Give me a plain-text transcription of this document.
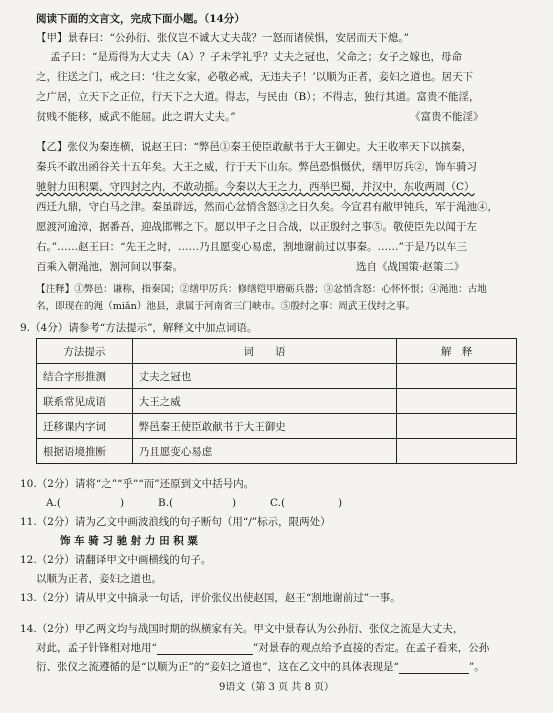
阅读下面的文言文，完成下面小题。（14分）
【甲】景春曰：“公孙衍、张仪岂不诚大丈夫哉？一怒而诸侯惧，安居而天下熄。”
孟子曰：“是焉得为大丈夫（A）？子未学礼乎？丈夫之冠也，父命之；女子之嫁也，母命
之，往送之门，戒之曰：‘往之女家，必敬必戒，无违夫子！’以顺为正者，妾妇之道也。居天下
之广居，立天下之正位，行天下之大道。得志，与民由（B）；不得志，独行其道。富贵不能淫，
贫贱不能移，威武不能屈。此之谓大丈夫。”	《富贵不能淫》
【乙】张仪为秦连横，说赵王曰：“弊邑①秦王使臣敢献书于大王御史。大王收率天下以摈秦，
秦兵不敢出函谷关十五年矣。大王之威，行于天下山东。弊邑恐惧慑伏，缮甲厉兵②，饰车骑习
驰射力田积粟，守四封之内，不敢动摇。今秦以大王之力，西举巴蜀，并汉中，东收两周（C）
西迁九鼎，守白马之津。秦虽辟远，然而心忿悄含怒③之日久矣。今宣君有敝甲钝兵，军于渑池④，
愿渡河逾漳，据番吾，迎战邯郸之下。愿以甲子之日合战，以正殷纣之事⑤。敬使臣先以闻于左
右。”……赵王曰：“先王之时，……乃且愿变心易虑，割地谢前过以事秦。……”于是乃以车三
百乘入朝渑池，割河间以事秦。	选自《战国策·赵策二》
【注释】①弊邑：谦称，指秦国；②缮甲厉兵：修缮铠甲磨砺兵器；③忿悄含怒：心怀怀恨；④渑池：古地
名，即现在的渑（miǎn）池县，隶属于河南省三门峡市。⑤殷纣之事：周武王伐纣之事。
9.（4分）请参考“方法提示”，解释文中加点词语。
方法提示	词　　语	解　释
结合字形推测	丈夫之冠也	
联系常见成语	大王之威	
迁移课内字词	弊邑秦王使臣敢献书于大王御史	
根据语境推断	乃且愿变心易虑	
10.（2分）请将“之”“乎”“而”还原到文中括号内。
A.(	)	B.(	)	C.(	)
11.（2分）请为乙文中画波浪线的句子断句（用“/”标示，限两处）
饰 车 骑 习 驰 射 力 田 积 粟
12.（2分）请翻译甲文中画横线的句子。
以顺为正者，妾妇之道也。
13.（2分）请从甲文中摘录一句话，评价张仪出使赵国，赵王“割地谢前过”一事。
14.（2分）甲乙两文均与战国时期的纵横家有关。甲文中景春认为公孙衍、张仪之流是大丈夫，
对此，孟子针锋相对地用“	”对景春的观点给予直接的否定。在孟子看来，公孙
衍、张仪之流遵循的是“以顺为正”的“妾妇之道也”，这在乙文中的具体表现是“	”。
9语文（第 3 页 共 8 页）
